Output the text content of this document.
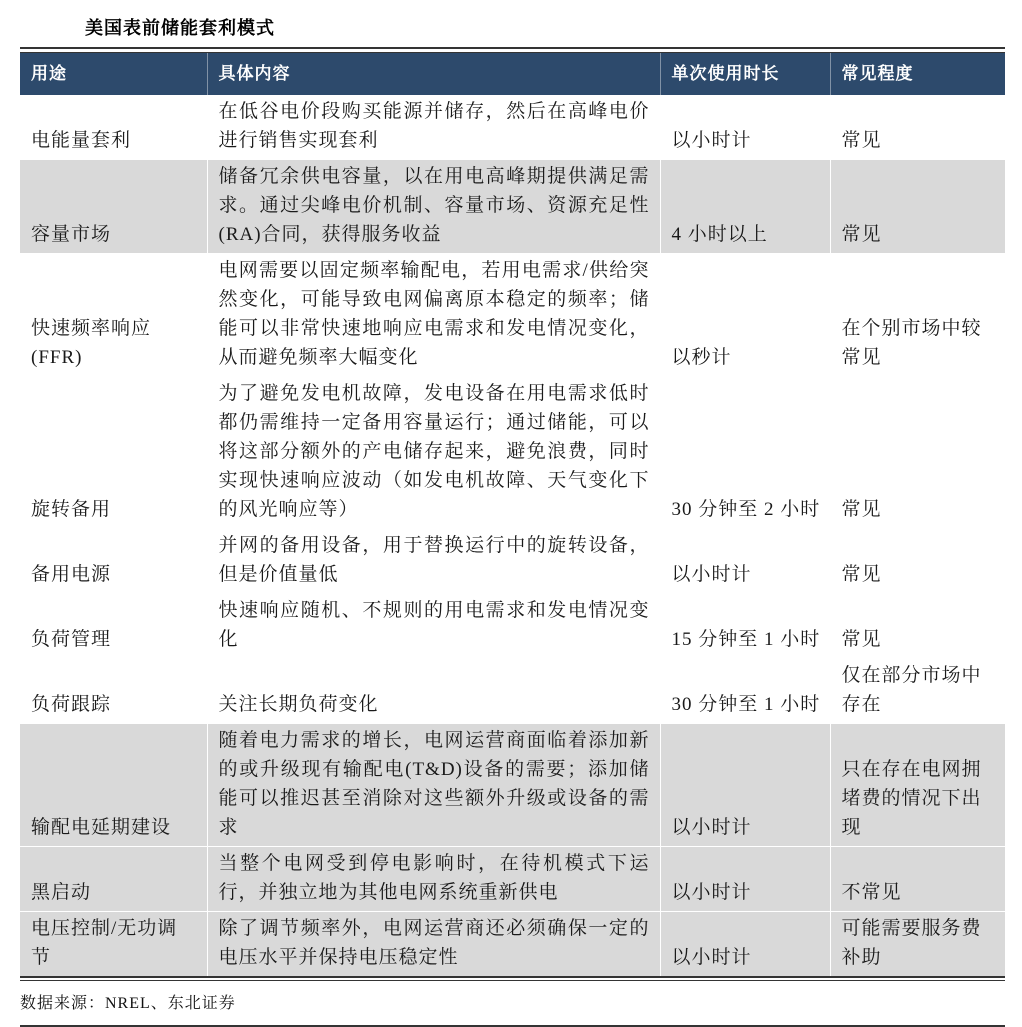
美国表前储能套利模式
用途	具体内容	单次使用时长	常见程度
电能量套利	在低谷电价段购买能源并储存，然后在高峰电价进行销售实现套利	以小时计	常见
容量市场	储备冗余供电容量，以在用电高峰期提供满足需求。通过尖峰电价机制、容量市场、资源充足性(RA)合同，获得服务收益	4 小时以上	常见
快速频率响应(FFR)	电网需要以固定频率输配电，若用电需求/供给突然变化，可能导致电网偏离原本稳定的频率；储能可以非常快速地响应电需求和发电情况变化，从而避免频率大幅变化	以秒计	在个别市场中较常见
旋转备用	为了避免发电机故障，发电设备在用电需求低时都仍需维持一定备用容量运行；通过储能，可以将这部分额外的产电储存起来，避免浪费，同时实现快速响应波动（如发电机故障、天气变化下的风光响应等）	30 分钟至 2 小时	常见
备用电源	并网的备用设备，用于替换运行中的旋转设备，但是价值量低	以小时计	常见
负荷管理	快速响应随机、不规则的用电需求和发电情况变化	15 分钟至 1 小时	常见
负荷跟踪	关注长期负荷变化	30 分钟至 1 小时	仅在部分市场中存在
输配电延期建设	随着电力需求的增长，电网运营商面临着添加新的或升级现有输配电(T&D)设备的需要；添加储能可以推迟甚至消除对这些额外升级或设备的需求	以小时计	只在存在电网拥堵费的情况下出现
黑启动	当整个电网受到停电影响时，在待机模式下运行，并独立地为其他电网系统重新供电	以小时计	不常见
电压控制/无功调节	除了调节频率外，电网运营商还必须确保一定的电压水平并保持电压稳定性	以小时计	可能需要服务费补助
数据来源：NREL、东北证券
